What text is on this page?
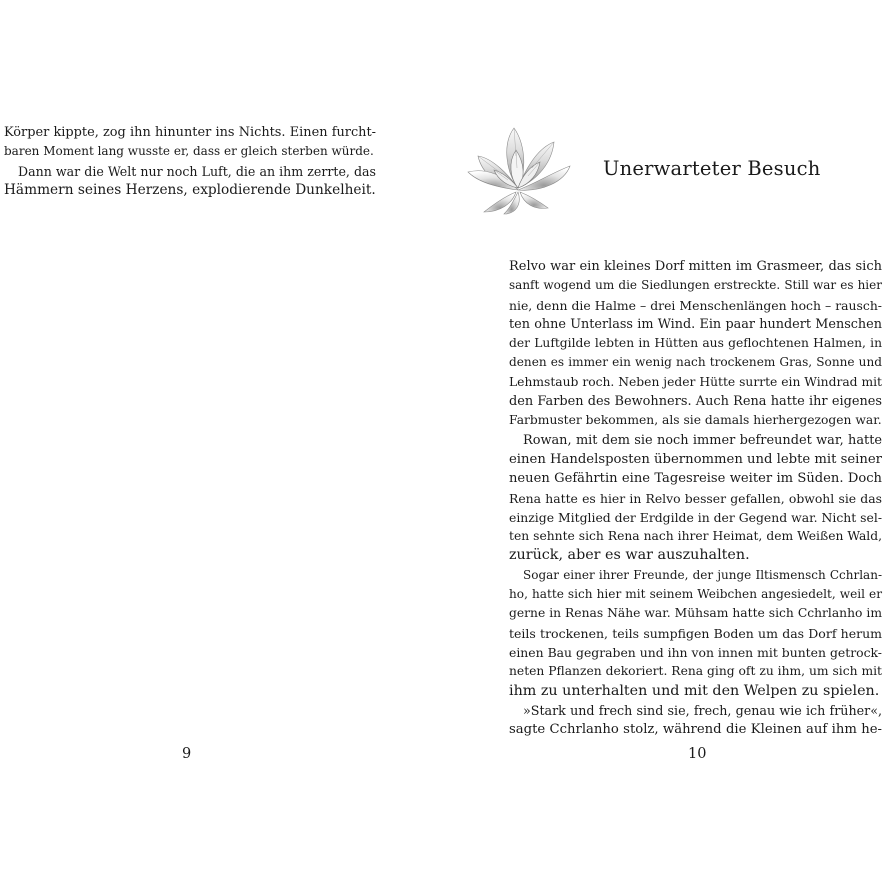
Körper kippte, zog ihn hinunter ins Nichts. Einen furcht-
baren Moment lang wusste er, dass er gleich sterben würde.
Dann war die Welt nur noch Luft, die an ihm zerrte, das
Hämmern seines Herzens, explodierende Dunkelheit.
9
Unerwarteter Besuch
Relvo war ein kleines Dorf mitten im Grasmeer, das sich
sanft wogend um die Siedlungen erstreckte. Still war es hier
nie, denn die Halme – drei Menschenlängen hoch – rausch-
ten ohne Unterlass im Wind. Ein paar hundert Menschen
der Luftgilde lebten in Hütten aus geflochtenen Halmen, in
denen es immer ein wenig nach trockenem Gras, Sonne und
Lehmstaub roch. Neben jeder Hütte surrte ein Windrad mit
den Farben des Bewohners. Auch Rena hatte ihr eigenes
Farbmuster bekommen, als sie damals hierhergezogen war.
Rowan, mit dem sie noch immer befreundet war, hatte
einen Handelsposten übernommen und lebte mit seiner
neuen Gefährtin eine Tagesreise weiter im Süden. Doch
Rena hatte es hier in Relvo besser gefallen, obwohl sie das
einzige Mitglied der Erdgilde in der Gegend war. Nicht sel-
ten sehnte sich Rena nach ihrer Heimat, dem Weißen Wald,
zurück, aber es war auszuhalten.
Sogar einer ihrer Freunde, der junge Iltismensch Cchrlan-
ho, hatte sich hier mit seinem Weibchen angesiedelt, weil er
gerne in Renas Nähe war. Mühsam hatte sich Cchrlanho im
teils trockenen, teils sumpfigen Boden um das Dorf herum
einen Bau gegraben und ihn von innen mit bunten getrock-
neten Pflanzen dekoriert. Rena ging oft zu ihm, um sich mit
ihm zu unterhalten und mit den Welpen zu spielen.
»Stark und frech sind sie, frech, genau wie ich früher«,
sagte Cchrlanho stolz, während die Kleinen auf ihm he-
10
